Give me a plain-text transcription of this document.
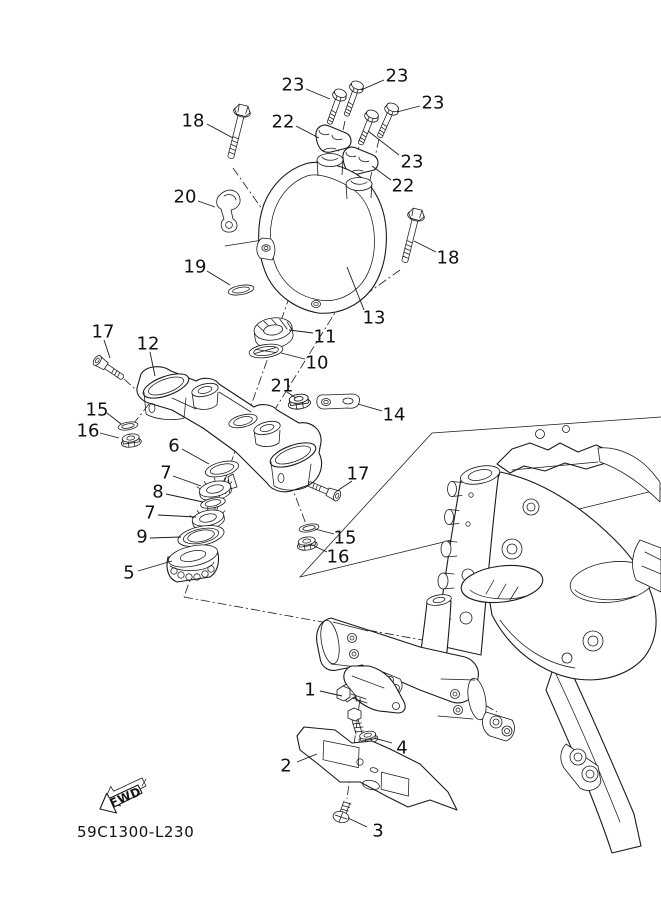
FWD
59C1300-L230
18
23	23
23
23
22
22
18
20
19
13
11
10
17
12
21
14
15
16
6
7
8
7
9
5
17
15
16
1
4
2
3
